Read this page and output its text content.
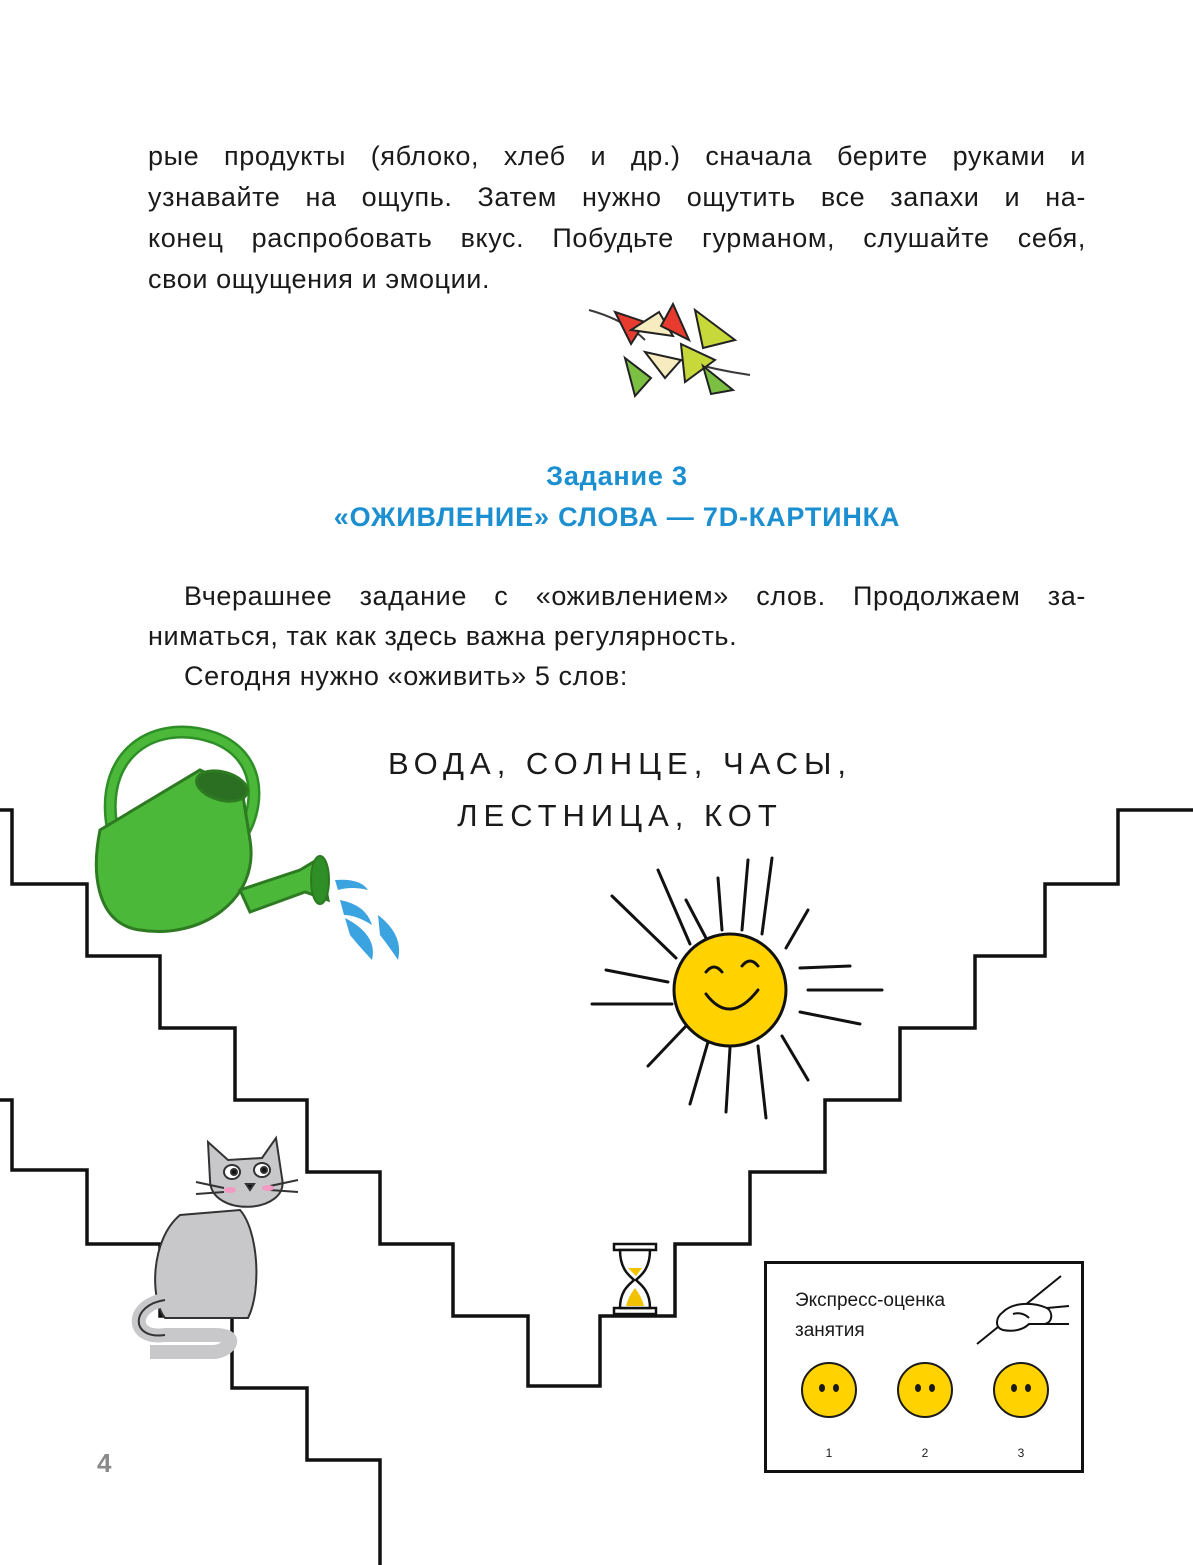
рые продукты (яблоко, хлеб и др.) сначала берите руками и

узнавайте на ощупь. Затем нужно ощутить все запахи и на-

конец распробовать вкус. Побудьте гурманом, слушайте себя,

свои ощущения и эмоции.

Задание 3
«ОЖИВЛЕНИЕ» СЛОВА — 7D-КАРТИНКА

Вчерашнее задание с «оживлением» слов. Продолжаем за-

ниматься, так как здесь важна регулярность.

Сегодня нужно «оживить» 5 слов:

ВОДА, СОЛНЦЕ, ЧАСЫ,
ЛЕСТНИЦА, КОТ
4
Экспресс-оценка
занятия
1	2	3
